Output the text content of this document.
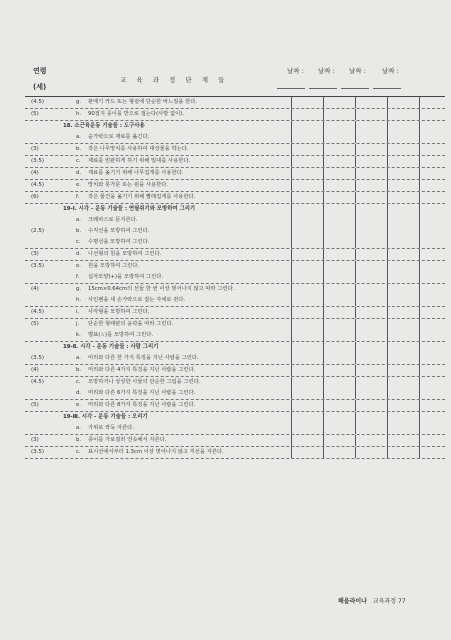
연령
(세)
교 육 과 정 단 계 들
날짜 : 날짜 : 날짜 : 날짜 :
(4.5)	g. 판매기 카드 또는 형겊에 단순한 바느질을 한다.
(5)	h. 90접지 종이를 반으로 접는다(사방 없이).
18. 소근육운동 기술들 : 도구사용
a. 숟가락으로 재료를 옮긴다.
(3)	b. 작은 나무망치를 사용하여 대상물을 박는다.
(3.5)	c. 재료를 빈판하게 하기 위해 밀대를 사용한다.
(4)	d. 재료를 옮기기 위해 나무집게를 사용한다.
(4.5)	e. 망치와 못가문 또는 핀을 사용한다.
(6)	f. 작은 물건을 옮기기 위해 빨래집게를 사용한다.
19-Ⅰ. 시각 - 운동 기술들 : 연필쥐기와 모방하여 그리기
a. 크레파스로 문지른다.
(2.5)	b. 수직선을 모방하여 그린다.
c. 수평선을 모방하여 그린다.
(3)	d. 나선형의 원을 모방하여 그린다.
(3.5)	e. 원을 모방하여 그린다.
f. 십자모양(+)을 모방하여 그린다.
(4)	g. 15cm×0.64cm의 선들 한 번 이상 벗어나지 않고 따라 그린다.
h. 사인펜을 세 손가락으로 잡는 자세로 쥔다.
(4.5)	i. 사각형을 모방하여 그린다.
(5)	j. 단순한 형태판의 윤곽을 따라 그린다.
k. 별표(☆)를 모방하여 그린다.
19-Ⅱ. 시각 - 운동 기술들 : 사람 그리기
(3.5)	a. 머리와 다른 한 가지 특징을 지닌 사람을 그린다.
(4)	b. 머리와 다른 4가지 특징을 지닌 사람을 그린다.
(4.5)	c. 모방하거나 상상한 사물의 단순한 그림을 그린다.
d. 머리와 다른 6가지 특징을 지닌 사람을 그린다.
(5)	e. 머리와 다른 8가지 특징을 지닌 사람을 그린다.
19-Ⅲ. 시각 - 운동 기술들 : 오리기
a. 가위로 싹둑 자른다.
(3)	b. 종이를 가로질러 연속해서 자른다.
(3.5)	c. 표시선에서부터 1.3cm 이상 벗어나지 않고 직선을 자른다.
해을라이나 교육과정 77
